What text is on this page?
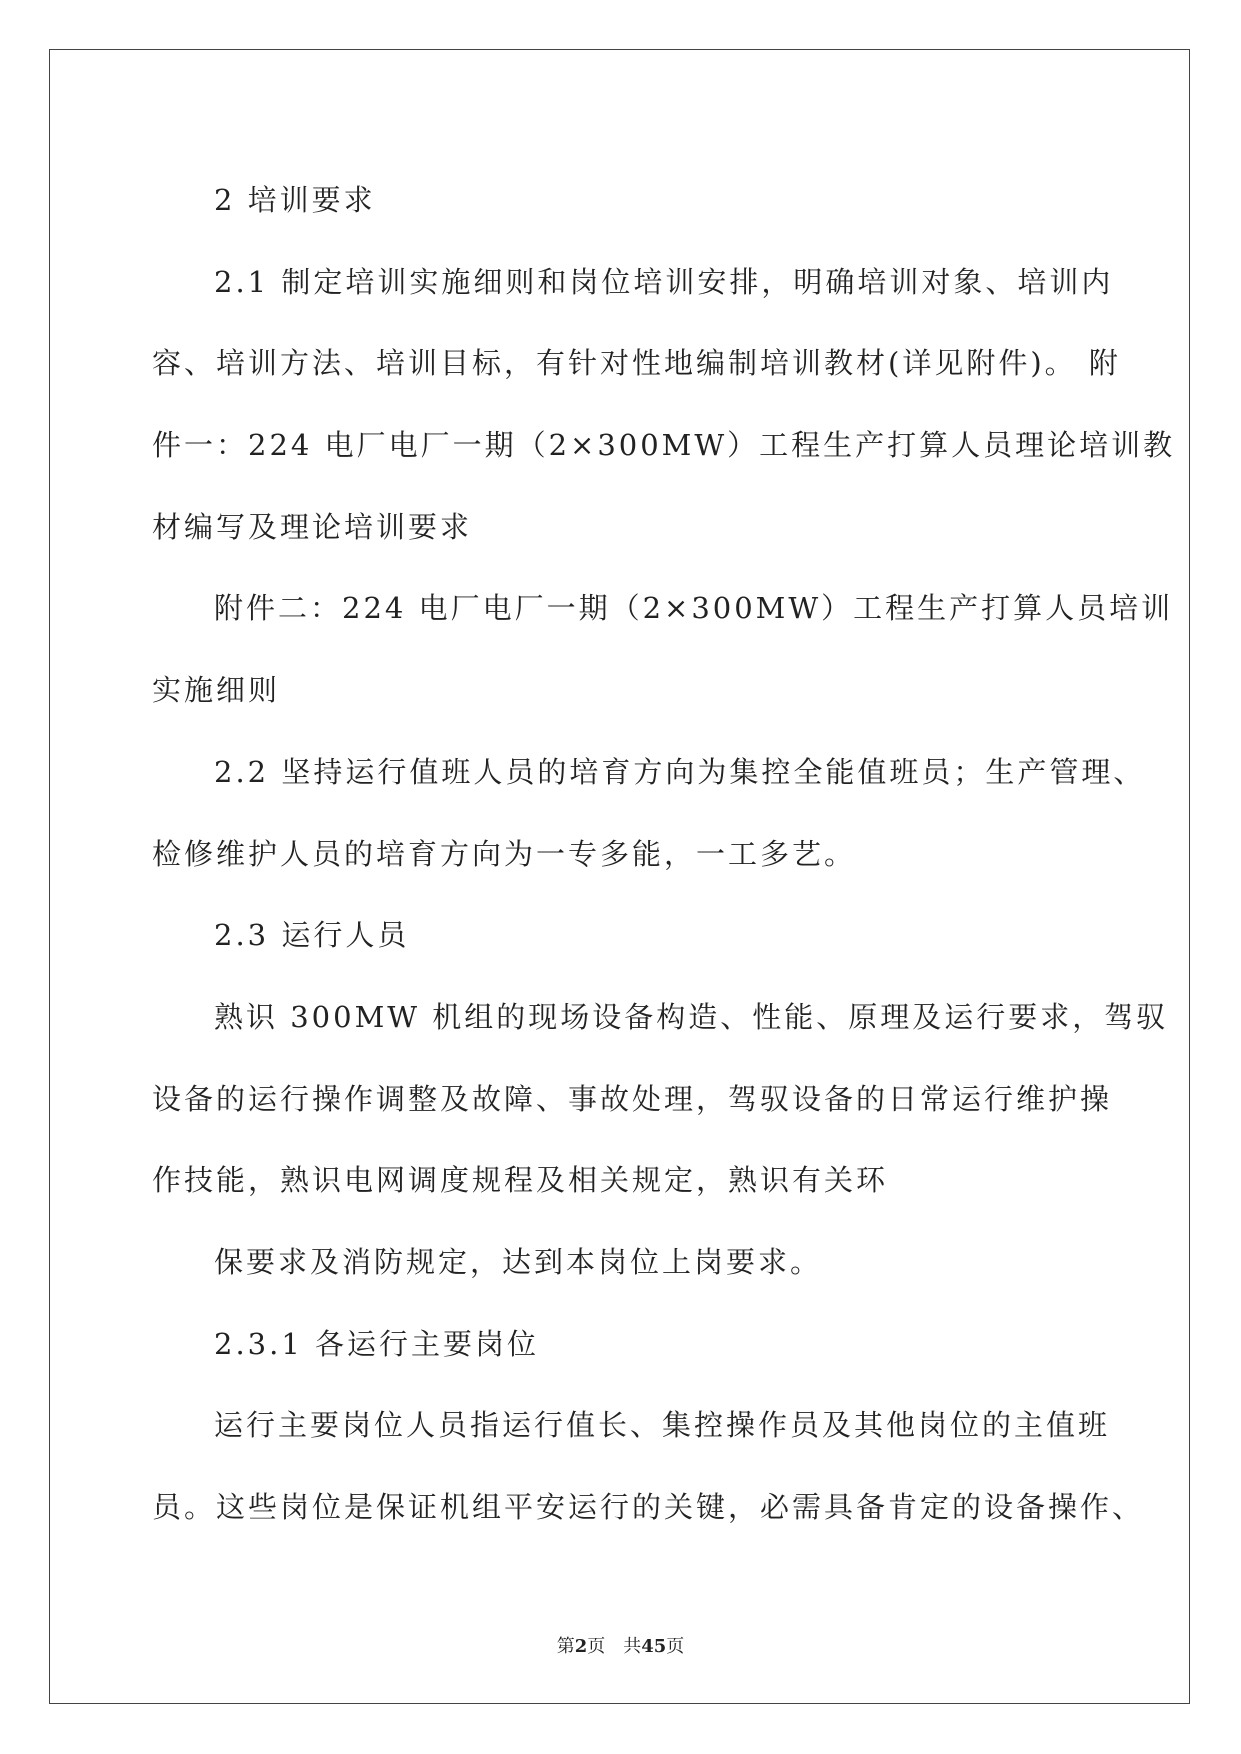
2 培训要求
2.1 制定培训实施细则和岗位培训安排，明确培训对象、培训内
容、培训方法、培训目标，有针对性地编制培训教材(详见附件)。 附
件一：224 电厂电厂一期（2×300MW）工程生产打算人员理论培训教
材编写及理论培训要求
附件二：224 电厂电厂一期（2×300MW）工程生产打算人员培训
实施细则
2.2 坚持运行值班人员的培育方向为集控全能值班员；生产管理、
检修维护人员的培育方向为一专多能，一工多艺。
2.3 运行人员
熟识 300MW 机组的现场设备构造、性能、原理及运行要求，驾驭
设备的运行操作调整及故障、事故处理，驾驭设备的日常运行维护操
作技能，熟识电网调度规程及相关规定，熟识有关环
保要求及消防规定，达到本岗位上岗要求。
2.3.1 各运行主要岗位
运行主要岗位人员指运行值长、集控操作员及其他岗位的主值班
员。这些岗位是保证机组平安运行的关键，必需具备肯定的设备操作、
第2页 共45页
